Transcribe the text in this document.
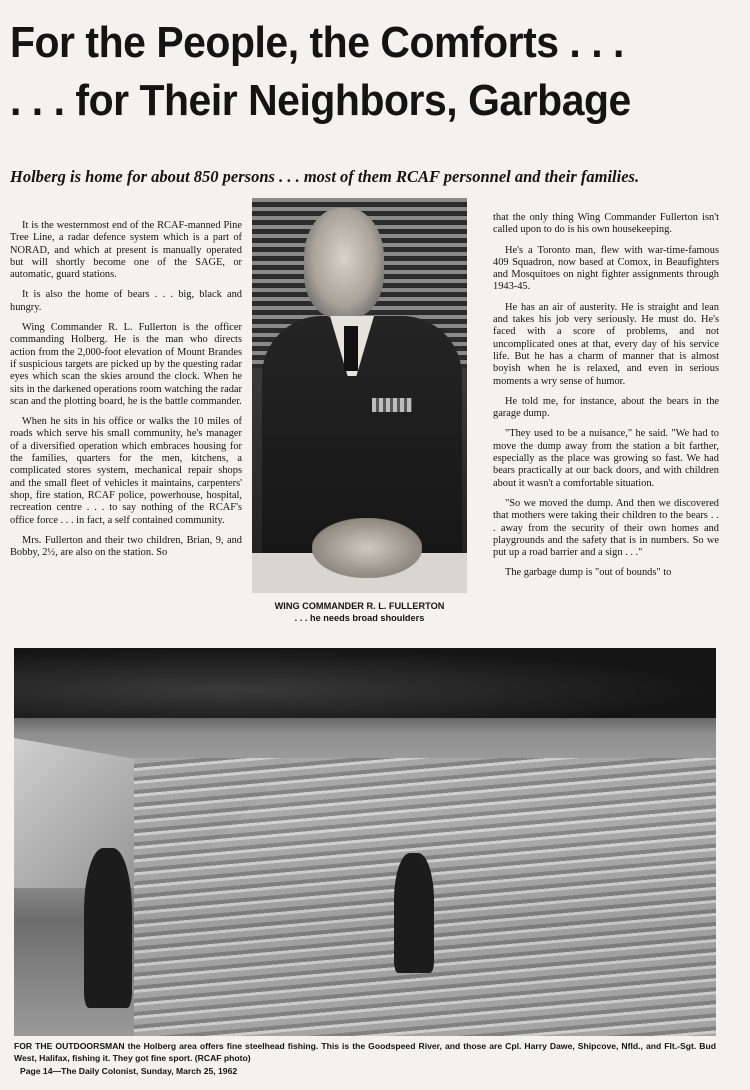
For the People, the Comforts . . .
. . . for Their Neighbors, Garbage
Holberg is home for about 850 persons . . . most of them RCAF personnel and their families.

It is the westernmost end of the RCAF-manned Pine Tree Line, a radar defence system which is a part of NORAD, and which at present is manually operated but will shortly become one of the SAGE, or automatic, guard stations.

It is also the home of bears . . . big, black and hungry.

Wing Commander R. L. Fullerton is the officer commanding Holberg. He is the man who directs action from the 2,000-foot elevation of Mount Brandes if suspicious targets are picked up by the questing radar eyes which scan the skies around the clock. When he sits in the darkened operations room watching the radar scan and the plotting board, he is the battle commander.

When he sits in his office or walks the 10 miles of roads which serve his small community, he's manager of a diversified operation which embraces housing for the families, quarters for the men, kitchens, a complicated stores system, mechanical repair shops and the small fleet of vehicles it maintains, carpenters' shop, fire station, RCAF police, powerhouse, hospital, recreation centre . . . to say nothing of the RCAF's office force . . . in fact, a self contained community.

Mrs. Fullerton and their two children, Brian, 9, and Bobby, 2½, are also on the station. So

WING COMMANDER R. L. FULLERTON
. . . he needs broad shoulders

that the only thing Wing Commander Fullerton isn't called upon to do is his own housekeeping.

He's a Toronto man, flew with war-time-famous 409 Squadron, now based at Comox, in Beaufighters and Mosquitoes on night fighter assignments through 1943-45.

He has an air of austerity. He is straight and lean and takes his job very seriously. He must do. He's faced with a score of problems, and not uncomplicated ones at that, every day of his service life. But he has a charm of manner that is almost boyish when he is relaxed, and even in serious moments a wry sense of humor.

He told me, for instance, about the bears in the garage dump.

"They used to be a nuisance," he said. "We had to move the dump away from the station a bit farther, especially as the place was growing so fast. We had bears practically at our back doors, and with children about it wasn't a comfortable situation.

"So we moved the dump. And then we discovered that mothers were taking their children to the bears . . . away from the security of their own homes and playgrounds and the safety that is in numbers. So we put up a road barrier and a sign . . ."

The garbage dump is "out of bounds" to

FOR THE OUTDOORSMAN the Holberg area offers fine steelhead fishing. This is the Goodspeed River, and those are Cpl. Harry Dawe, Shipcove, Nfld., and Flt.-Sgt. Bud West, Halifax, fishing it. They got fine sport. (RCAF photo)
Page 14—The Daily Colonist, Sunday, March 25, 1962
